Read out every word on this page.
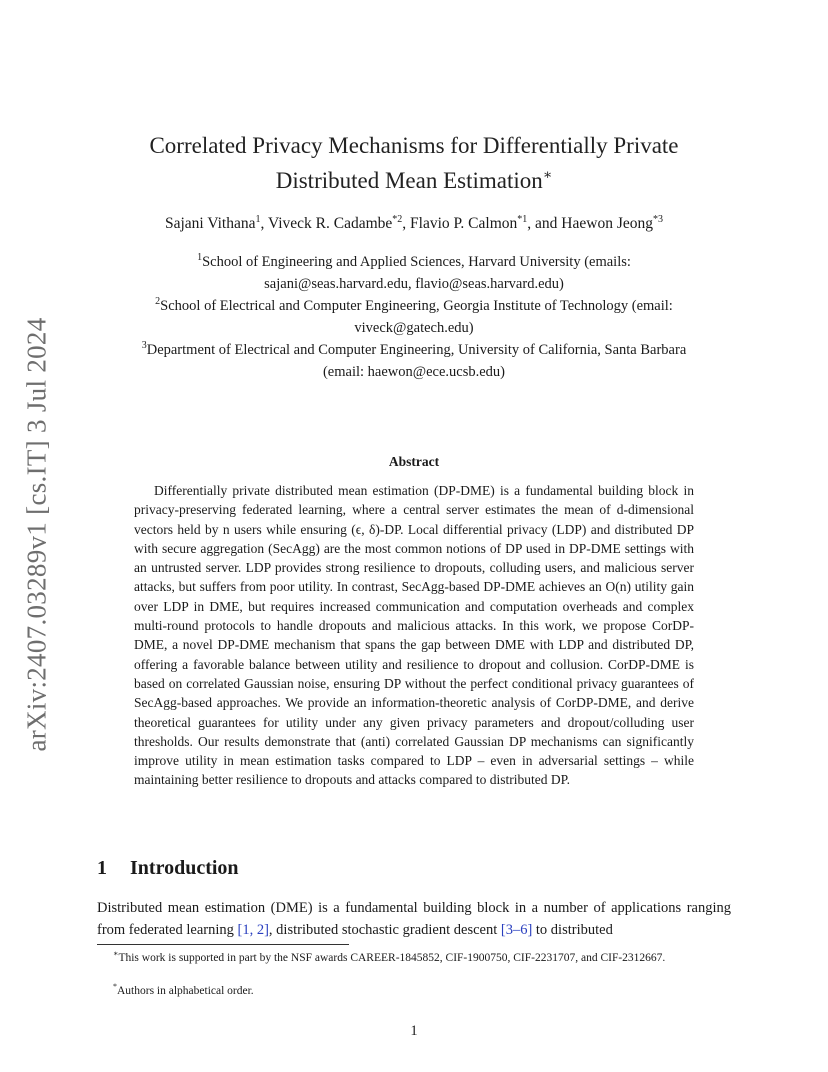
arXiv:2407.03289v1 [cs.IT] 3 Jul 2024
Correlated Privacy Mechanisms for Differentially Private
Distributed Mean Estimation∗
Sajani Vithana$^1$, Viveck R. Cadambe$^{*2}$, Flavio P. Calmon$^{*1}$, and Haewon Jeong$^{*3}$
$^1$School of Engineering and Applied Sciences, Harvard University (emails:
sajani@seas.harvard.edu, flavio@seas.harvard.edu)
$^2$School of Electrical and Computer Engineering, Georgia Institute of Technology (email:
viveck@gatech.edu)
$^3$Department of Electrical and Computer Engineering, University of California, Santa Barbara
(email: haewon@ece.ucsb.edu)
Abstract
Differentially private distributed mean estimation (DP-DME) is a fundamental building block in privacy-preserving federated learning, where a central server estimates the mean of d-dimensional vectors held by n users while ensuring (ϵ, δ)-DP. Local differential privacy (LDP) and distributed DP with secure aggregation (SecAgg) are the most common notions of DP used in DP-DME settings with an untrusted server. LDP provides strong resilience to dropouts, colluding users, and malicious server attacks, but suffers from poor utility. In contrast, SecAgg-based DP-DME achieves an O(n) utility gain over LDP in DME, but requires increased communication and computation overheads and complex multi-round protocols to handle dropouts and malicious attacks. In this work, we propose CorDP-DME, a novel DP-DME mechanism that spans the gap between DME with LDP and distributed DP, offering a favorable balance between utility and resilience to dropout and collusion. CorDP-DME is based on correlated Gaussian noise, ensuring DP without the perfect conditional privacy guarantees of SecAgg-based approaches. We provide an information-theoretic analysis of CorDP-DME, and derive theoretical guarantees for utility under any given privacy parameters and dropout/colluding user thresholds. Our results demonstrate that (anti) correlated Gaussian DP mechanisms can significantly improve utility in mean estimation tasks compared to LDP – even in adversarial settings – while maintaining better resilience to dropouts and attacks compared to distributed DP.
1 Introduction
Distributed mean estimation (DME) is a fundamental building block in a number of applications ranging from federated learning [1, 2], distributed stochastic gradient descent [3–6] to distributed
∗This work is supported in part by the NSF awards CAREER-1845852, CIF-1900750, CIF-2231707, and CIF-2312667.
*Authors in alphabetical order.
1
